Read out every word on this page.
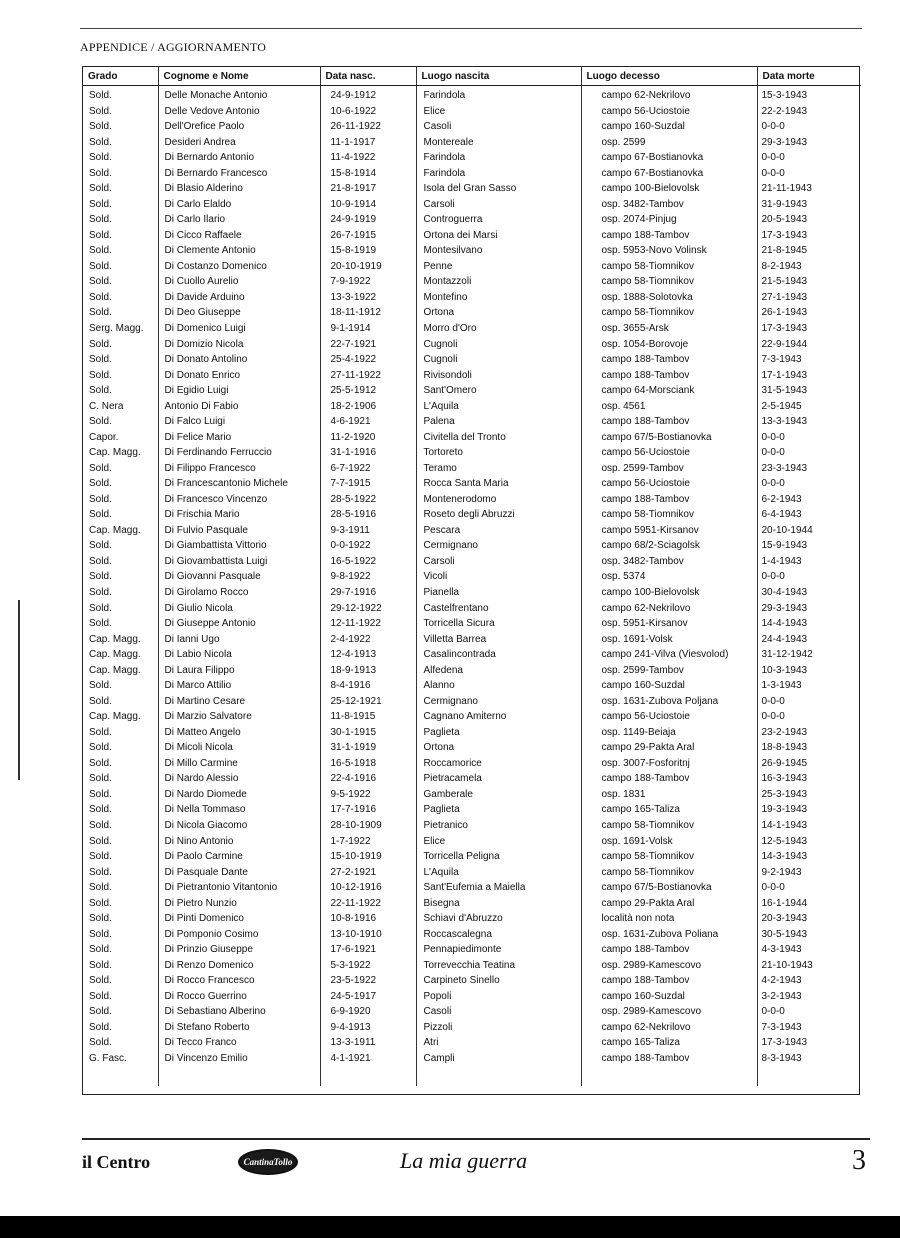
APPENDICE / AGGIORNAMENTO
Grado	Cognome e Nome	Data nasc.	Luogo nascita	Luogo decesso	Data morte
Sold.	Delle Monache Antonio	24-9-1912	Farindola	campo 62-Nekrilovo	15-3-1943
Sold.	Delle Vedove Antonio	10-6-1922	Elice	campo 56-Uciostoie	22-2-1943
Sold.	Dell'Orefice Paolo	26-11-1922	Casoli	campo 160-Suzdal	0-0-0
Sold.	Desideri Andrea	11-1-1917	Montereale	osp. 2599	29-3-1943
Sold.	Di Bernardo Antonio	11-4-1922	Farindola	campo 67-Bostianovka	0-0-0
Sold.	Di Bernardo Francesco	15-8-1914	Farindola	campo 67-Bostianovka	0-0-0
Sold.	Di Blasio Alderino	21-8-1917	Isola del Gran Sasso	campo 100-Bielovolsk	21-11-1943
Sold.	Di Carlo Elaldo	10-9-1914	Carsoli	osp. 3482-Tambov	31-9-1943
Sold.	Di Carlo Ilario	24-9-1919	Controguerra	osp. 2074-Pinjug	20-5-1943
Sold.	Di Cicco Raffaele	26-7-1915	Ortona dei Marsi	campo 188-Tambov	17-3-1943
Sold.	Di Clemente Antonio	15-8-1919	Montesilvano	osp. 5953-Novo Volinsk	21-8-1945
Sold.	Di Costanzo Domenico	20-10-1919	Penne	campo 58-Tiomnikov	8-2-1943
Sold.	Di Cuollo Aurelio	7-9-1922	Montazzoli	campo 58-Tiomnikov	21-5-1943
Sold.	Di Davide Arduino	13-3-1922	Montefino	osp. 1888-Solotovka	27-1-1943
Sold.	Di Deo Giuseppe	18-11-1912	Ortona	campo 58-Tiomnikov	26-1-1943
Serg. Magg.	Di Domenico Luigi	9-1-1914	Morro d'Oro	osp. 3655-Arsk	17-3-1943
Sold.	Di Domizio Nicola	22-7-1921	Cugnoli	osp. 1054-Borovoje	22-9-1944
Sold.	Di Donato Antolino	25-4-1922	Cugnoli	campo 188-Tambov	7-3-1943
Sold.	Di Donato Enrico	27-11-1922	Rivisondoli	campo 188-Tambov	17-1-1943
Sold.	Di Egidio Luigi	25-5-1912	Sant'Omero	campo 64-Morsciank	31-5-1943
C. Nera	Antonio Di Fabio	18-2-1906	L'Aquila	osp. 4561	2-5-1945
Sold.	Di Falco Luigi	4-6-1921	Palena	campo 188-Tambov	13-3-1943
Capor.	Di Felice Mario	11-2-1920	Civitella del Tronto	campo 67/5-Bostianovka	0-0-0
Cap. Magg.	Di Ferdinando Ferruccio	31-1-1916	Tortoreto	campo 56-Uciostoie	0-0-0
Sold.	Di Filippo Francesco	6-7-1922	Teramo	osp. 2599-Tambov	23-3-1943
Sold.	Di Francescantonio Michele	7-7-1915	Rocca Santa Maria	campo 56-Uciostoie	0-0-0
Sold.	Di Francesco Vincenzo	28-5-1922	Montenerodomo	campo 188-Tambov	6-2-1943
Sold.	Di Frischia Mario	28-5-1916	Roseto degli Abruzzi	campo 58-Tiomnikov	6-4-1943
Cap. Magg.	Di Fulvio Pasquale	9-3-1911	Pescara	campo 5951-Kirsanov	20-10-1944
Sold.	Di Giambattista Vittorio	0-0-1922	Cermignano	campo 68/2-Sciagolsk	15-9-1943
Sold.	Di Giovambattista Luigi	16-5-1922	Carsoli	osp. 3482-Tambov	1-4-1943
Sold.	Di Giovanni Pasquale	9-8-1922	Vicoli	osp. 5374	0-0-0
Sold.	Di Girolamo Rocco	29-7-1916	Pianella	campo 100-Bielovolsk	30-4-1943
Sold.	Di Giulio Nicola	29-12-1922	Castelfrentano	campo 62-Nekrilovo	29-3-1943
Sold.	Di Giuseppe Antonio	12-11-1922	Torricella Sicura	osp. 5951-Kirsanov	14-4-1943
Cap. Magg.	Di Ianni Ugo	2-4-1922	Villetta Barrea	osp. 1691-Volsk	24-4-1943
Cap. Magg.	Di Labio Nicola	12-4-1913	Casalincontrada	campo 241-Vilva (Viesvolod)	31-12-1942
Cap. Magg.	Di Laura Filippo	18-9-1913	Alfedena	osp. 2599-Tambov	10-3-1943
Sold.	Di Marco Attilio	8-4-1916	Alanno	campo 160-Suzdal	1-3-1943
Sold.	Di Martino Cesare	25-12-1921	Cermignano	osp. 1631-Zubova Poljana	0-0-0
Cap. Magg.	Di Marzio Salvatore	11-8-1915	Cagnano Amiterno	campo 56-Uciostoie	0-0-0
Sold.	Di Matteo Angelo	30-1-1915	Paglieta	osp. 1149-Beiaja	23-2-1943
Sold.	Di Micoli Nicola	31-1-1919	Ortona	campo 29-Pakta Aral	18-8-1943
Sold.	Di Millo Carmine	16-5-1918	Roccamorice	osp. 3007-Fosforitnj	26-9-1945
Sold.	Di Nardo Alessio	22-4-1916	Pietracamela	campo 188-Tambov	16-3-1943
Sold.	Di Nardo Diomede	9-5-1922	Gamberale	osp. 1831	25-3-1943
Sold.	Di Nella Tommaso	17-7-1916	Paglieta	campo 165-Taliza	19-3-1943
Sold.	Di Nicola Giacomo	28-10-1909	Pietranico	campo 58-Tiomnikov	14-1-1943
Sold.	Di Nino Antonio	1-7-1922	Elice	osp. 1691-Volsk	12-5-1943
Sold.	Di Paolo Carmine	15-10-1919	Torricella Peligna	campo 58-Tiomnikov	14-3-1943
Sold.	Di Pasquale Dante	27-2-1921	L'Aquila	campo 58-Tiomnikov	9-2-1943
Sold.	Di Pietrantonio Vitantonio	10-12-1916	Sant'Eufemia a Maiella	campo 67/5-Bostianovka	0-0-0
Sold.	Di Pietro Nunzio	22-11-1922	Bisegna	campo 29-Pakta Aral	16-1-1944
Sold.	Di Pinti Domenico	10-8-1916	Schiavi d'Abruzzo	località non nota	20-3-1943
Sold.	Di Pomponio Cosimo	13-10-1910	Roccascalegna	osp. 1631-Zubova Poliana	30-5-1943
Sold.	Di Prinzio Giuseppe	17-6-1921	Pennapiedimonte	campo 188-Tambov	4-3-1943
Sold.	Di Renzo Domenico	5-3-1922	Torrevecchia Teatina	osp. 2989-Kamescovo	21-10-1943
Sold.	Di Rocco Francesco	23-5-1922	Carpineto Sinello	campo 188-Tambov	4-2-1943
Sold.	Di Rocco Guerrino	24-5-1917	Popoli	campo 160-Suzdal	3-2-1943
Sold.	Di Sebastiano Alberino	6-9-1920	Casoli	osp. 2989-Kamescovo	0-0-0
Sold.	Di Stefano Roberto	9-4-1913	Pizzoli	campo 62-Nekrilovo	7-3-1943
Sold.	Di Tecco Franco	13-3-1911	Atri	campo 165-Taliza	17-3-1943
G. Fasc.	Di Vincenzo Emilio	4-1-1921	Campli	campo 188-Tambov	8-3-1943

il Centro	CantinaTollo	La mia guerra	3
